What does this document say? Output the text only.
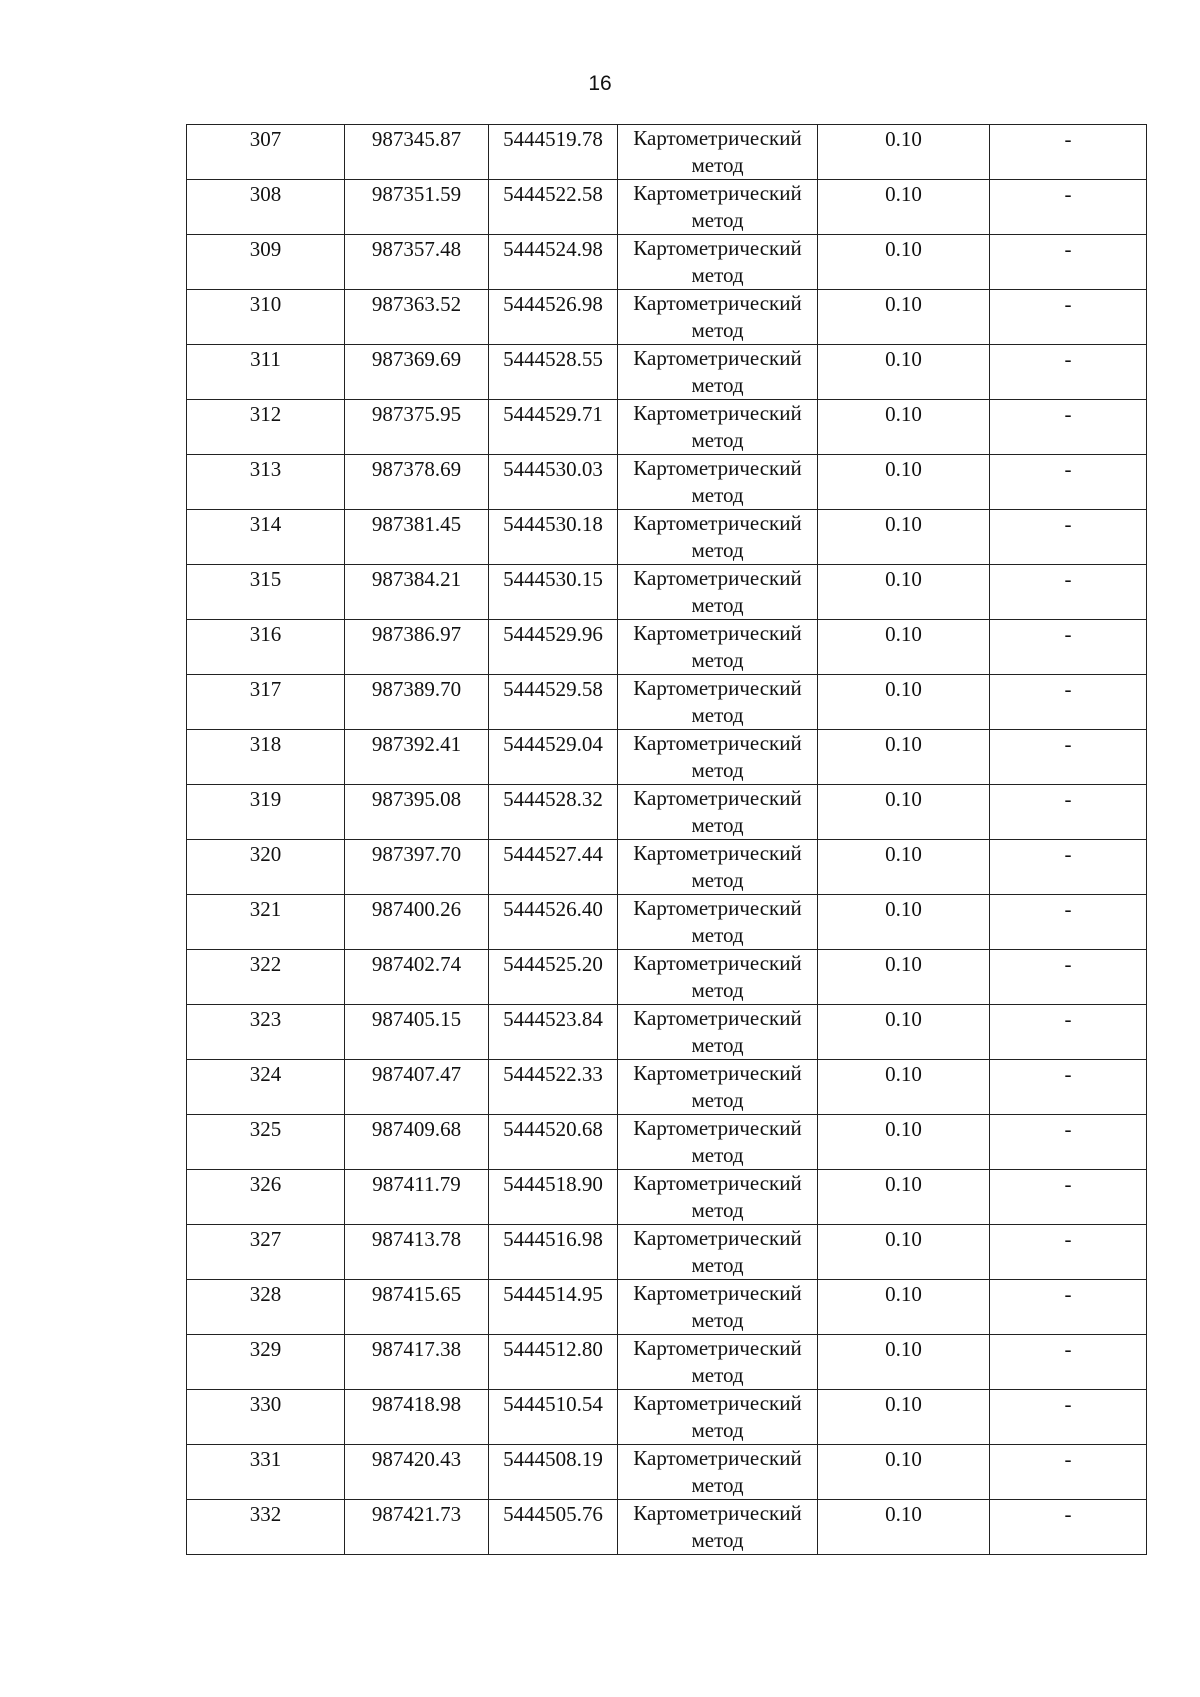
16
307	987345.87	5444519.78	Картометрический метод	0.10	-
308	987351.59	5444522.58	Картометрический метод	0.10	-
309	987357.48	5444524.98	Картометрический метод	0.10	-
310	987363.52	5444526.98	Картометрический метод	0.10	-
311	987369.69	5444528.55	Картометрический метод	0.10	-
312	987375.95	5444529.71	Картометрический метод	0.10	-
313	987378.69	5444530.03	Картометрический метод	0.10	-
314	987381.45	5444530.18	Картометрический метод	0.10	-
315	987384.21	5444530.15	Картометрический метод	0.10	-
316	987386.97	5444529.96	Картометрический метод	0.10	-
317	987389.70	5444529.58	Картометрический метод	0.10	-
318	987392.41	5444529.04	Картометрический метод	0.10	-
319	987395.08	5444528.32	Картометрический метод	0.10	-
320	987397.70	5444527.44	Картометрический метод	0.10	-
321	987400.26	5444526.40	Картометрический метод	0.10	-
322	987402.74	5444525.20	Картометрический метод	0.10	-
323	987405.15	5444523.84	Картометрический метод	0.10	-
324	987407.47	5444522.33	Картометрический метод	0.10	-
325	987409.68	5444520.68	Картометрический метод	0.10	-
326	987411.79	5444518.90	Картометрический метод	0.10	-
327	987413.78	5444516.98	Картометрический метод	0.10	-
328	987415.65	5444514.95	Картометрический метод	0.10	-
329	987417.38	5444512.80	Картометрический метод	0.10	-
330	987418.98	5444510.54	Картометрический метод	0.10	-
331	987420.43	5444508.19	Картометрический метод	0.10	-
332	987421.73	5444505.76	Картометрический метод	0.10	-
